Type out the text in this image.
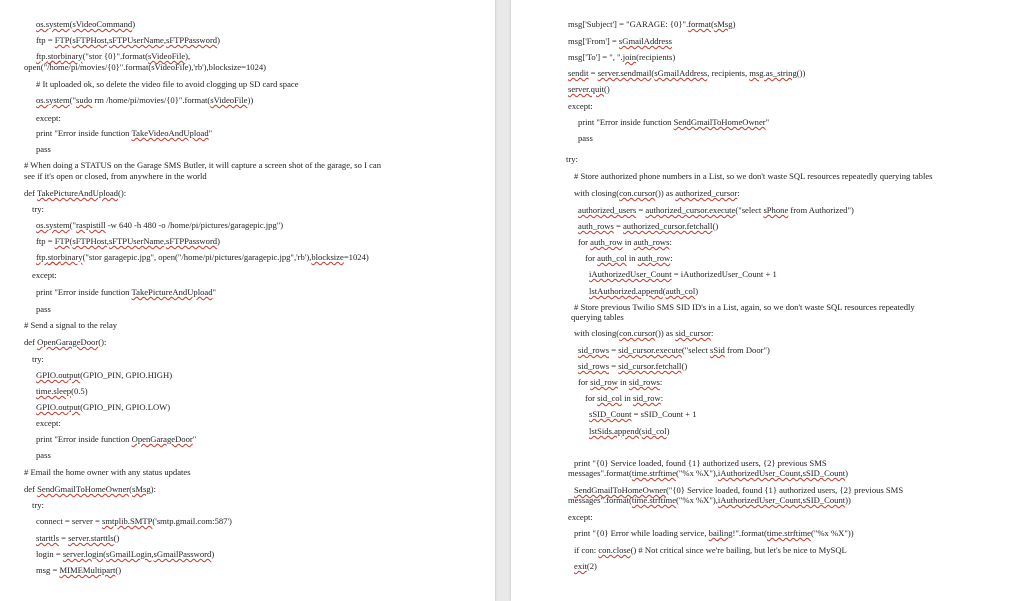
os.system(sVideoCommand)
ftp = FTP(sFTPHost,sFTPUserName,sFTPPassword)
ftp.storbinary("stor {0}".format(sVideoFile),
open("/home/pi/movies/{0}".format(sVideoFile),'rb'),blocksize=1024)
# It uploaded ok, so delete the video file to avoid clogging up SD card space
os.system("sudo rm /home/pi/movies/{0}".format(sVideoFile))
except:
print "Error inside function TakeVideoAndUpload"
pass
# When doing a STATUS on the Garage SMS Butler, it will capture a screen shot of the garage, so I can
see if it's open or closed, from anywhere in the world
def TakePictureAndUpload():
try:
os.system("raspistill -w 640 -h 480 -o /home/pi/pictures/garagepic.jpg")
ftp = FTP(sFTPHost,sFTPUserName,sFTPPassword)
ftp.storbinary("stor garagepic.jpg", open("/home/pi/pictures/garagepic.jpg",'rb'),blocksize=1024)
except:
print "Error inside function TakePictureAndUpload"
pass
# Send a signal to the relay
def OpenGarageDoor():
try:
GPIO.output(GPIO_PIN, GPIO.HIGH)
time.sleep(0.5)
GPIO.output(GPIO_PIN, GPIO.LOW)
except:
print "Error inside function OpenGarageDoor"
pass
# Email the home owner with any status updates
def SendGmailToHomeOwner(sMsg):
try:
connect = server = smtplib.SMTP('smtp.gmail.com:587')
starttls = server.starttls()
login = server.login(sGmailLogin,sGmailPassword)
msg = MIMEMultipart()
msg['Subject'] = "GARAGE: {0}".format(sMsg)
msg['From'] = sGmailAddress
msg['To'] = ", ".join(recipients)
sendit = server.sendmail(sGmailAddress, recipients, msg.as_string())
server.quit()
except:
print "Error inside function SendGmailToHomeOwner"
pass
try:
# Store authorized phone numbers in a List, so we don't waste SQL resources repeatedly querying tables
with closing(con.cursor()) as authorized_cursor:
authorized_users = authorized_cursor.execute("select sPhone from Authorized")
auth_rows = authorized_cursor.fetchall()
for auth_row in auth_rows:
for auth_col in auth_row:
iAuthorizedUser_Count = iAuthorizedUser_Count + 1
lstAuthorized.append(auth_col)
# Store previous Twilio SMS SID ID's in a List, again, so we don't waste SQL resources repeatedly
querying tables
with closing(con.cursor()) as sid_cursor:
sid_rows = sid_cursor.execute("select sSid from Door")
sid_rows = sid_cursor.fetchall()
for sid_row in sid_rows:
for sid_col in sid_row:
sSID_Count = sSID_Count + 1
lstSids.append(sid_col)
print "{0} Service loaded, found {1} authorized users, {2} previous SMS
messages".format(time.strftime("%x %X"),iAuthorizedUser_Count,sSID_Count)
SendGmailToHomeOwner("{0} Service loaded, found {1} authorized users, {2} previous SMS
messages".format(time.strftime("%x %X"),iAuthorizedUser_Count,sSID_Count))
except:
print "{0} Error while loading service, bailing!".format(time.strftime("%x %X"))
if con: con.close() # Not critical since we're bailing, but let's be nice to MySQL
exit(2)
